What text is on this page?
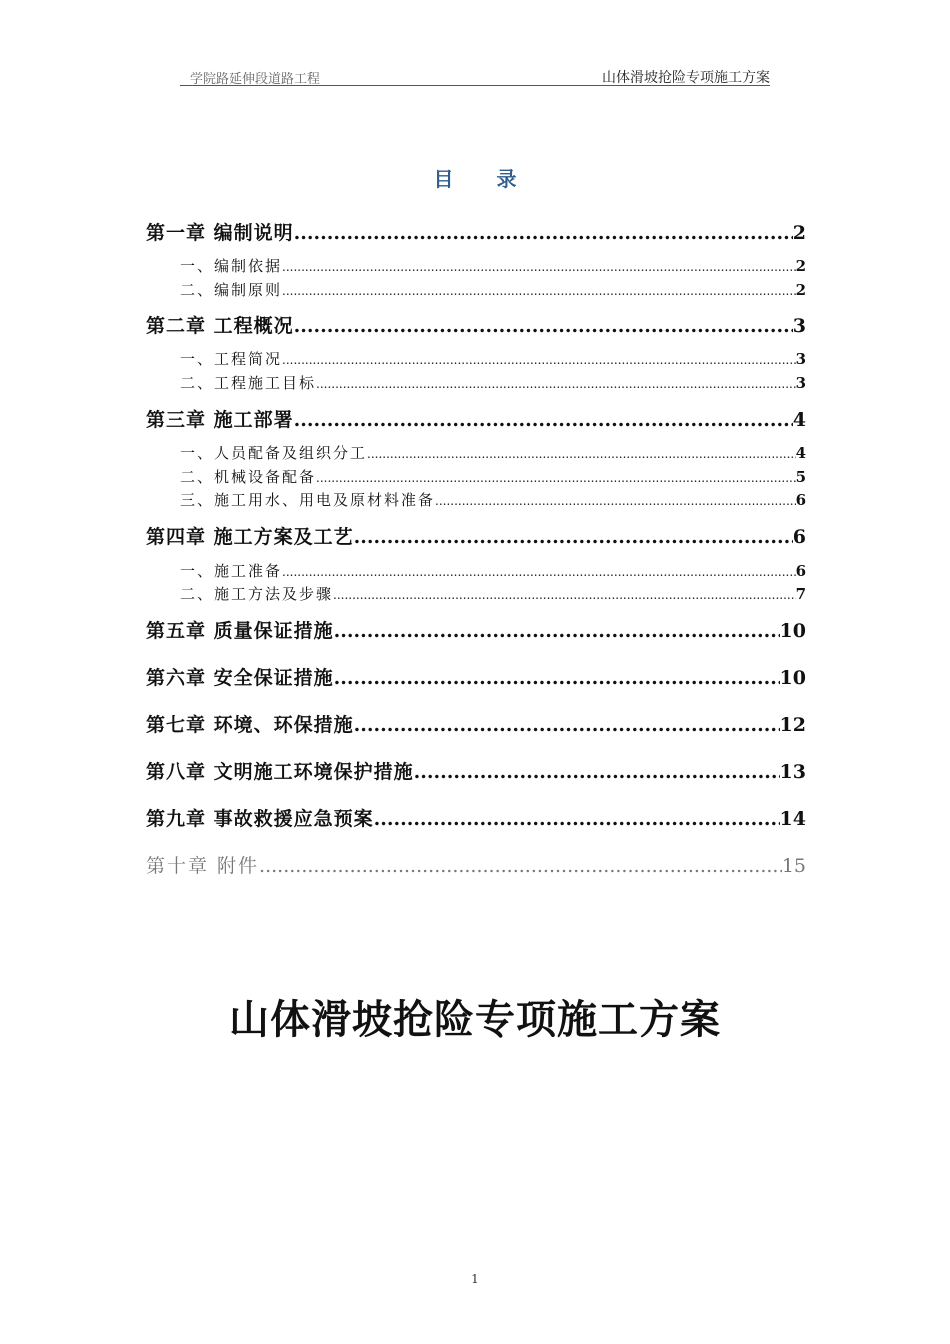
学院路延伸段道路工程	山体滑坡抢险专项施工方案
目 录
第一章 编制说明 .....	2
一、编制依据 .....	2
二、编制原则 .....	2
第二章 工程概况 .....	3
一、工程简况 .....	3
二、工程施工目标 .....	3
第三章 施工部署 .....	4
一、人员配备及组织分工 .....	4
二、机械设备配备 .....	5
三、施工用水、用电及原材料准备 .....	6
第四章 施工方案及工艺 .....	6
一、施工准备 .....	6
二、施工方法及步骤 .....	7
第五章 质量保证措施 .....	10
第六章 安全保证措施 .....	10
第七章 环境、环保措施 .....	12
第八章 文明施工环境保护措施 .....	13
第九章 事故救援应急预案 .....	14
第十章 附件 .....	15
山体滑坡抢险专项施工方案
1
